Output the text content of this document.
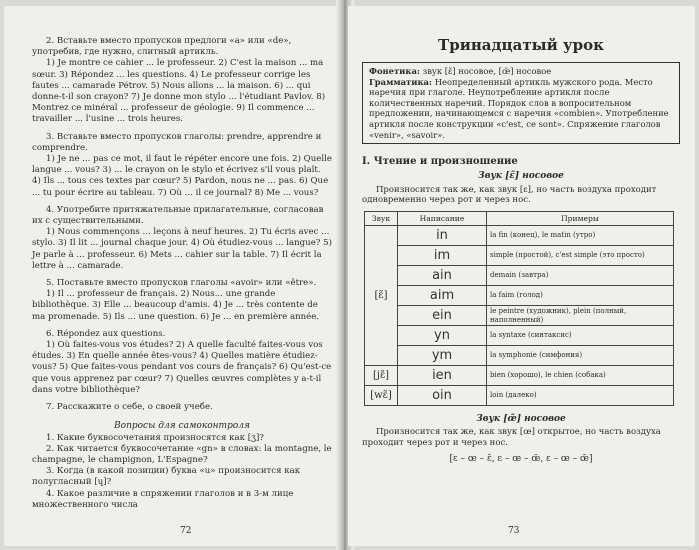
2. Вставьте вместо пропусков предлоги «а» или «de», употребив, где нужно, слитный артикль.

1) Je montre ce cahier ... le professeur. 2) C'est la maison ... ma sœur. 3) Répondez ... les questions. 4) Le professeur corrige les fautes ... camarade Pétrov. 5) Nous allons ... la maison. 6) ... qui donne-t-il son crayon? 7) Je donne mon stylo ... l'étudiant Pavlov. 8) Montrez ce minéral ... professeur de géologie. 9) Il commence ... travailler ... l'usine ... trois heures.

3. Вставьте вместо пропусков глаголы: prendre, apprendre и comprendre.

1) Je ne ... pas ce mot, il faut le répéter encore une fois. 2) Quelle langue ... vous? 3) ... le crayon on le stylo et écrivez s'il vous plaît. 4) Ils ... tous ces textes par cœur? 5) Pardon, nous ne ... pas. 6) Que ... tu pour écrire au tableau. 7) Où ... il ce journal? 8) Me ... vous?

4. Употребите притяжательные прилагательные, согласовав их с существительными.

1) Nous commençons ... leçons à neuf heures. 2) Tu écris avec ... stylo. 3) Il lit ... journal chaque jour. 4) Où étudiez-vous ... langue? 5) Je parle à ... professeur. 6) Mets ... cahier sur la table. 7) Il écrit la lettre à ... camarade.

5. Поставьте вместо пропусков глаголы «avoir» или «être».

1) Il ... professeur de français. 2) Nous... une grande bibliothèque. 3) Elle ... beaucoup d'amis. 4) Je ... très contente de ma promenade. 5) Ils ... une question. 6) Je ... en première année.

6. Répondez aux questions.

1) Où faites-vous vos études? 2) A quelle faculté faites-vous vos études. 3) En quelle année êtes-vous? 4) Quelles matière étudiez-vous? 5) Que faites-vous pendant vos cours de français? 6) Qu'est-ce que vous apprenez par cœur? 7) Quelles œuvres complètes y a-t-il dans votre bibliothèque?

7. Расскажите о себе, о своей учебе.

Вопросы для самоконтроля

1. Какие буквосочетания произносятся как [ʒ]?

2. Как читается буквосочетание «gn» в словах: la montagne, le champagne, le champignon, L'Espagne?

3. Когда (в какой позиции) буква «u» произносится как полугласный [ɥ]?

4. Какое различие в спряжении глаголов и в 3-м лице множественного числа

72
Тринадцатый урок

Фонетика: звук [ɛ̃] носовое, [œ̃] носовое

Грамматика: Неопределенный артикль мужского рода. Место наречия при глаголе. Неупотребление артикля после количественных наречий. Порядок слов в вопросительном предложении, начинающемся с наречия «combien». Употребление артикля после конструкции «c'est, ce sont». Спряжение глаголов «venir», «savoir».

I. Чтение и произношение

Звук [ɛ̃] носовое

Произносится так же, как звук [ɛ], но часть воздуха проходит одновременно через рот и через нос.

Звук	Написание	Примеры
[ɛ̃]	in	la fin (конец), le matin (утро)
	im	simple (простой), c'est simple (это просто)
	ain	demain (завтра)
	aim	la faim (голод)
	ein	le peintre (художник), plein (полный, наполненный)
	yn	la syntaxe (синтаксис)
	ym	la symphonie (симфония)
[jɛ̃]	ien	bien (хорошо), le chien (собака)
[wɛ̃]	oin	loin (далеко)

Звук [œ̃] носовое

Произносится так же, как звук [œ] открытое, но часть воздуха проходит через рот и через нос.

[ɛ – œ – ɛ̃, ɛ – œ – œ̃, ɛ – œ – œ̃]

73
